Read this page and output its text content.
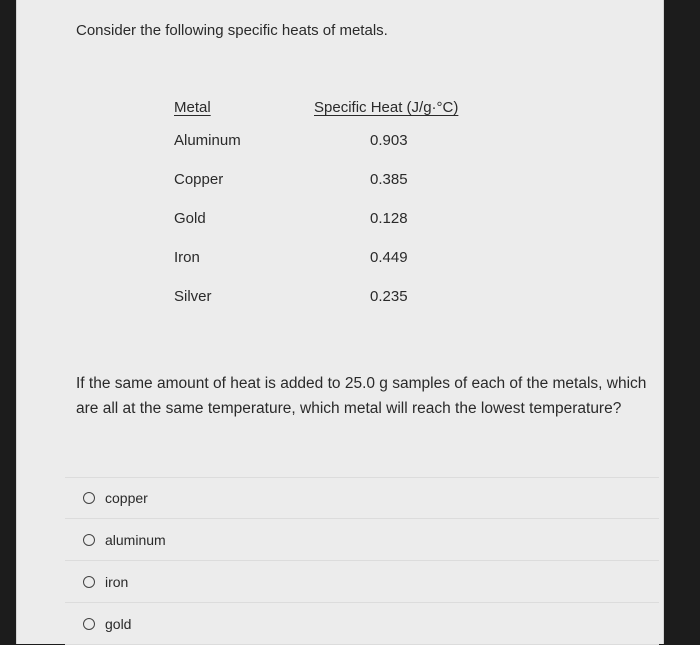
Consider the following specific heats of metals.

Metal	Specific Heat (J/g·°C)
Aluminum	0.903
Copper	0.385
Gold	0.128
Iron	0.449
Silver	0.235

If the same amount of heat is added to 25.0 g samples of each of the metals, which are all at the same temperature, which metal will reach the lowest temperature?

copper
aluminum
iron
gold
